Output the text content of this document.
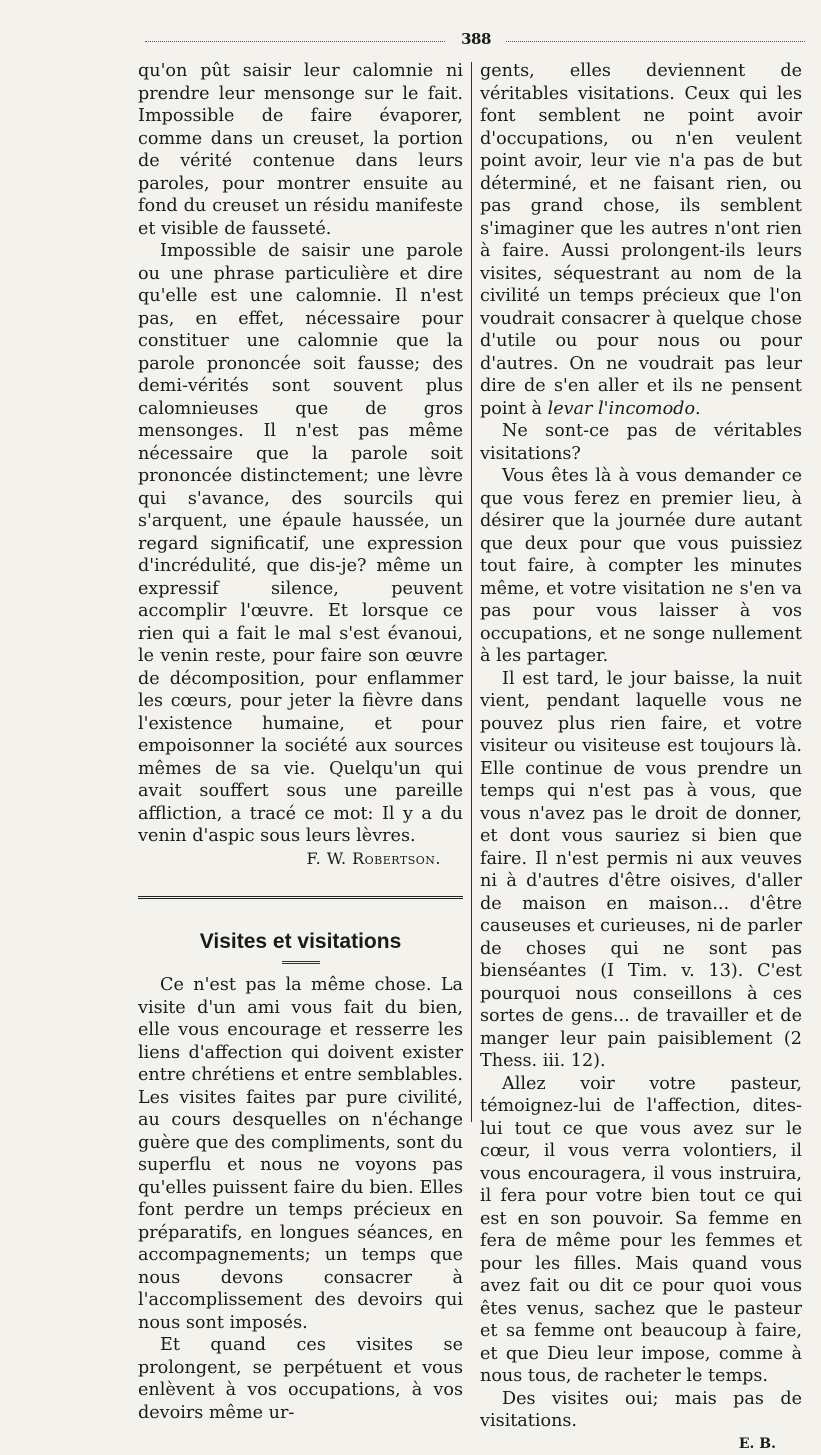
388

qu'on pût saisir leur calomnie ni prendre leur mensonge sur le fait. Impossible de faire évaporer, comme dans un creuset, la portion de vérité contenue dans leurs paroles, pour montrer ensuite au fond du creuset un résidu manifeste et visible de fausseté.

Impossible de saisir une parole ou une phrase particulière et dire qu'elle est une calomnie. Il n'est pas, en effet, nécessaire pour constituer une calomnie que la parole prononcée soit fausse; des demi-vérités sont souvent plus calomnieuses que de gros mensonges. Il n'est pas même nécessaire que la parole soit prononcée distinctement; une lèvre qui s'avance, des sourcils qui s'arquent, une épaule haussée, un regard significatif, une expression d'incrédulité, que dis-je? même un expressif silence, peuvent accomplir l'œuvre. Et lorsque ce rien qui a fait le mal s'est évanoui, le venin reste, pour faire son œuvre de décomposition, pour enflammer les cœurs, pour jeter la fièvre dans l'existence humaine, et pour empoisonner la société aux sources mêmes de sa vie. Quelqu'un qui avait souffert sous une pareille affliction, a tracé ce mot: Il y a du venin d'aspic sous leurs lèvres.

F. W. Robertson.

Visites et visitations

Ce n'est pas la même chose. La visite d'un ami vous fait du bien, elle vous encourage et resserre les liens d'affection qui doivent exister entre chrétiens et entre semblables. Les visites faites par pure civilité, au cours desquelles on n'échange guère que des compliments, sont du superflu et nous ne voyons pas qu'elles puissent faire du bien. Elles font perdre un temps précieux en préparatifs, en longues séances, en accompagnements; un temps que nous devons consacrer à l'accomplissement des devoirs qui nous sont imposés.

Et quand ces visites se prolongent, se perpétuent et vous enlèvent à vos occupations, à vos devoirs même ur-

gents, elles deviennent de véritables visitations. Ceux qui les font semblent ne point avoir d'occupations, ou n'en veulent point avoir, leur vie n'a pas de but déterminé, et ne faisant rien, ou pas grand chose, ils semblent s'imaginer que les autres n'ont rien à faire. Aussi prolongent-ils leurs visites, séquestrant au nom de la civilité un temps précieux que l'on voudrait consacrer à quelque chose d'utile ou pour nous ou pour d'autres. On ne voudrait pas leur dire de s'en aller et ils ne pensent point à levar l'incomodo.

Ne sont-ce pas de véritables visitations?

Vous êtes là à vous demander ce que vous ferez en premier lieu, à désirer que la journée dure autant que deux pour que vous puissiez tout faire, à compter les minutes même, et votre visitation ne s'en va pas pour vous laisser à vos occupations, et ne songe nullement à les partager.

Il est tard, le jour baisse, la nuit vient, pendant laquelle vous ne pouvez plus rien faire, et votre visiteur ou visiteuse est toujours là. Elle continue de vous prendre un temps qui n'est pas à vous, que vous n'avez pas le droit de donner, et dont vous sauriez si bien que faire. Il n'est permis ni aux veuves ni à d'autres d'être oisives, d'aller de maison en maison... d'être causeuses et curieuses, ni de parler de choses qui ne sont pas bienséantes (I Tim. v. 13). C'est pourquoi nous conseillons à ces sortes de gens... de travailler et de manger leur pain paisiblement (2 Thess. iii. 12).

Allez voir votre pasteur, témoignez-lui de l'affection, dites-lui tout ce que vous avez sur le cœur, il vous verra volontiers, il vous encouragera, il vous instruira, il fera pour votre bien tout ce qui est en son pouvoir. Sa femme en fera de même pour les femmes et pour les filles. Mais quand vous avez fait ou dit ce pour quoi vous êtes venus, sachez que le pasteur et sa femme ont beaucoup à faire, et que Dieu leur impose, comme à nous tous, de racheter le temps.

Des visites oui; mais pas de visitations.

E. B.
